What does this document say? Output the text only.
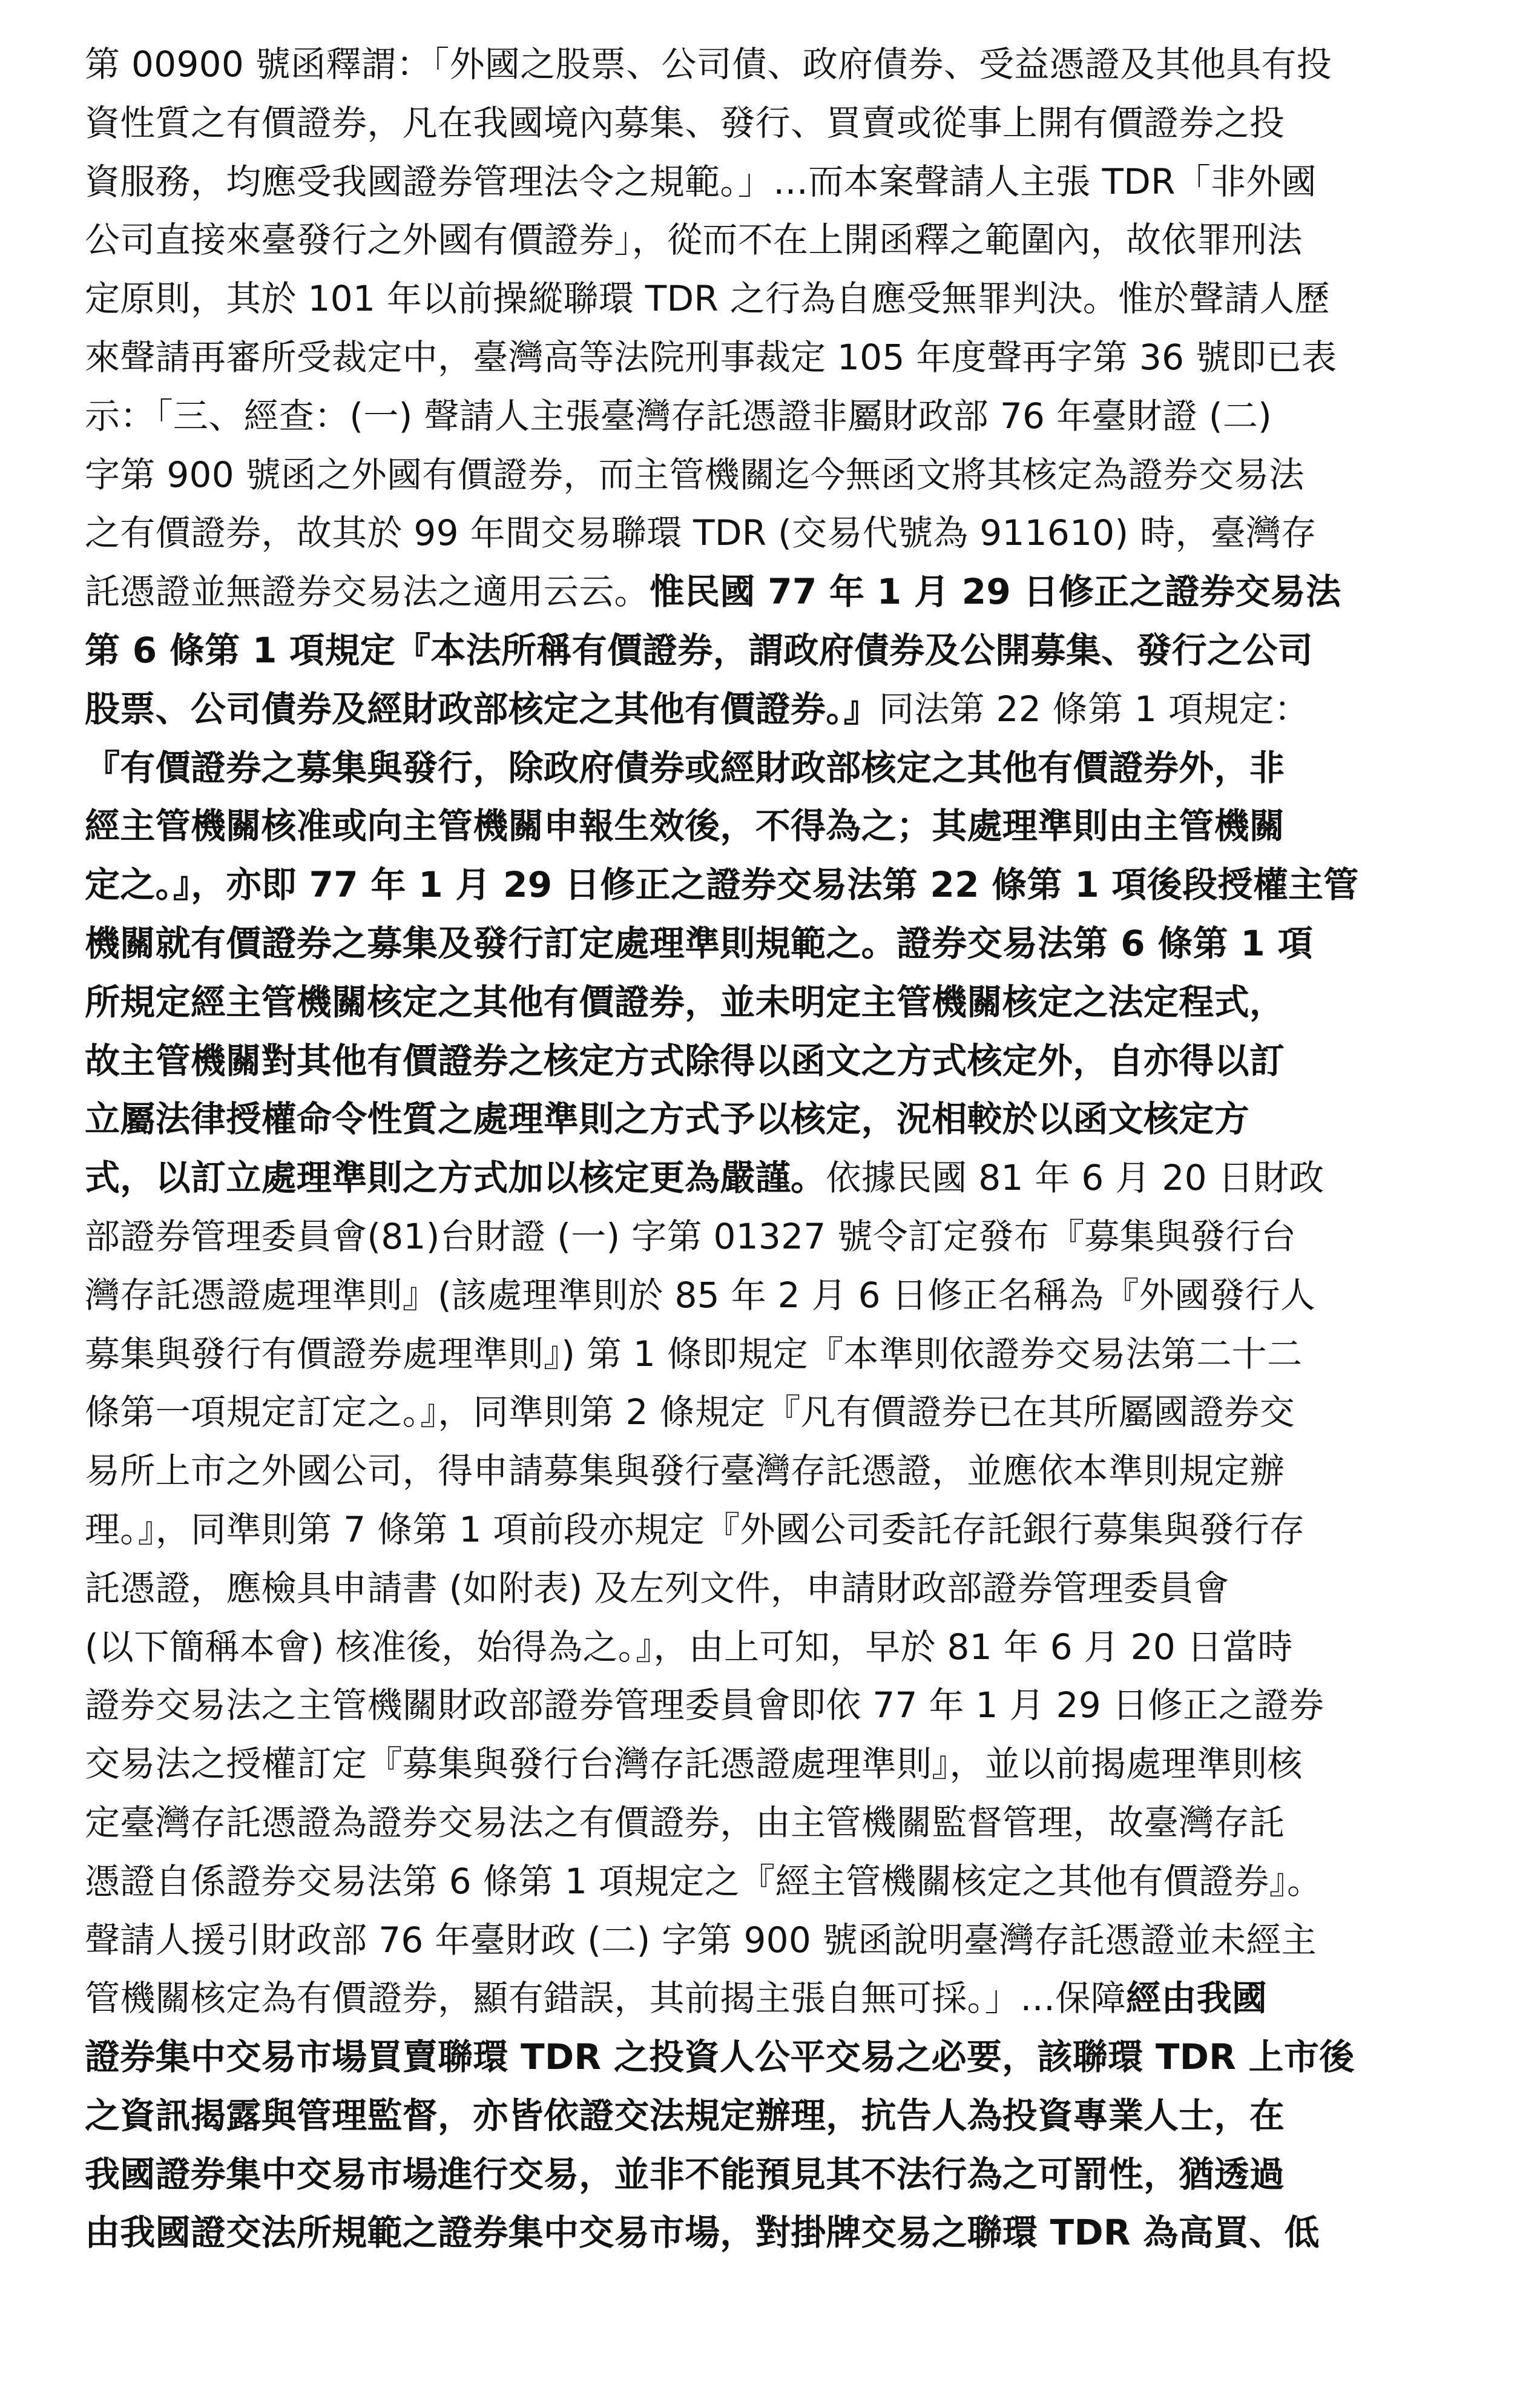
第 00900 號函釋謂：「外國之股票、公司債、政府債券、受益憑證及其他具有投
資性質之有價證券，凡在我國境內募集、發行、買賣或從事上開有價證券之投
資服務，均應受我國證券管理法令之規範。」…而本案聲請人主張 TDR「非外國
公司直接來臺發行之外國有價證券」，從而不在上開函釋之範圍內，故依罪刑法
定原則，其於 101 年以前操縱聯環 TDR 之行為自應受無罪判決。惟於聲請人歷
來聲請再審所受裁定中，臺灣高等法院刑事裁定 105 年度聲再字第 36 號即已表
示：「三、經查：(一) 聲請人主張臺灣存託憑證非屬財政部 76 年臺財證 (二)
字第 900 號函之外國有價證券，而主管機關迄今無函文將其核定為證券交易法
之有價證券，故其於 99 年間交易聯環 TDR (交易代號為 911610) 時，臺灣存
託憑證並無證券交易法之適用云云。惟民國 77 年 1 月 29 日修正之證券交易法
第 6 條第 1 項規定『本法所稱有價證券，謂政府債券及公開募集、發行之公司
股票、公司債券及經財政部核定之其他有價證券。』同法第 22 條第 1 項規定：
『有價證券之募集與發行，除政府債券或經財政部核定之其他有價證券外，非
經主管機關核准或向主管機關申報生效後，不得為之；其處理準則由主管機關
定之。』，亦即 77 年 1 月 29 日修正之證券交易法第 22 條第 1 項後段授權主管
機關就有價證券之募集及發行訂定處理準則規範之。證券交易法第 6 條第 1 項
所規定經主管機關核定之其他有價證券，並未明定主管機關核定之法定程式，
故主管機關對其他有價證券之核定方式除得以函文之方式核定外，自亦得以訂
立屬法律授權命令性質之處理準則之方式予以核定，況相較於以函文核定方
式，以訂立處理準則之方式加以核定更為嚴謹。依據民國 81 年 6 月 20 日財政
部證券管理委員會(81)台財證 (一) 字第 01327 號令訂定發布『募集與發行台
灣存託憑證處理準則』(該處理準則於 85 年 2 月 6 日修正名稱為『外國發行人
募集與發行有價證券處理準則』) 第 1 條即規定『本準則依證券交易法第二十二
條第一項規定訂定之。』，同準則第 2 條規定『凡有價證券已在其所屬國證券交
易所上市之外國公司，得申請募集與發行臺灣存託憑證，並應依本準則規定辦
理。』，同準則第 7 條第 1 項前段亦規定『外國公司委託存託銀行募集與發行存
託憑證，應檢具申請書 (如附表) 及左列文件，申請財政部證券管理委員會
(以下簡稱本會) 核准後，始得為之。』，由上可知，早於 81 年 6 月 20 日當時
證券交易法之主管機關財政部證券管理委員會即依 77 年 1 月 29 日修正之證券
交易法之授權訂定『募集與發行台灣存託憑證處理準則』，並以前揭處理準則核
定臺灣存託憑證為證券交易法之有價證券，由主管機關監督管理，故臺灣存託
憑證自係證券交易法第 6 條第 1 項規定之『經主管機關核定之其他有價證券』。
聲請人援引財政部 76 年臺財政 (二) 字第 900 號函說明臺灣存託憑證並未經主
管機關核定為有價證券，顯有錯誤，其前揭主張自無可採。」…保障經由我國
證券集中交易市場買賣聯環 TDR 之投資人公平交易之必要，該聯環 TDR 上市後
之資訊揭露與管理監督，亦皆依證交法規定辦理，抗告人為投資專業人士，在
我國證券集中交易市場進行交易，並非不能預見其不法行為之可罰性，猶透過
由我國證交法所規範之證券集中交易市場，對掛牌交易之聯環 TDR 為高買、低
